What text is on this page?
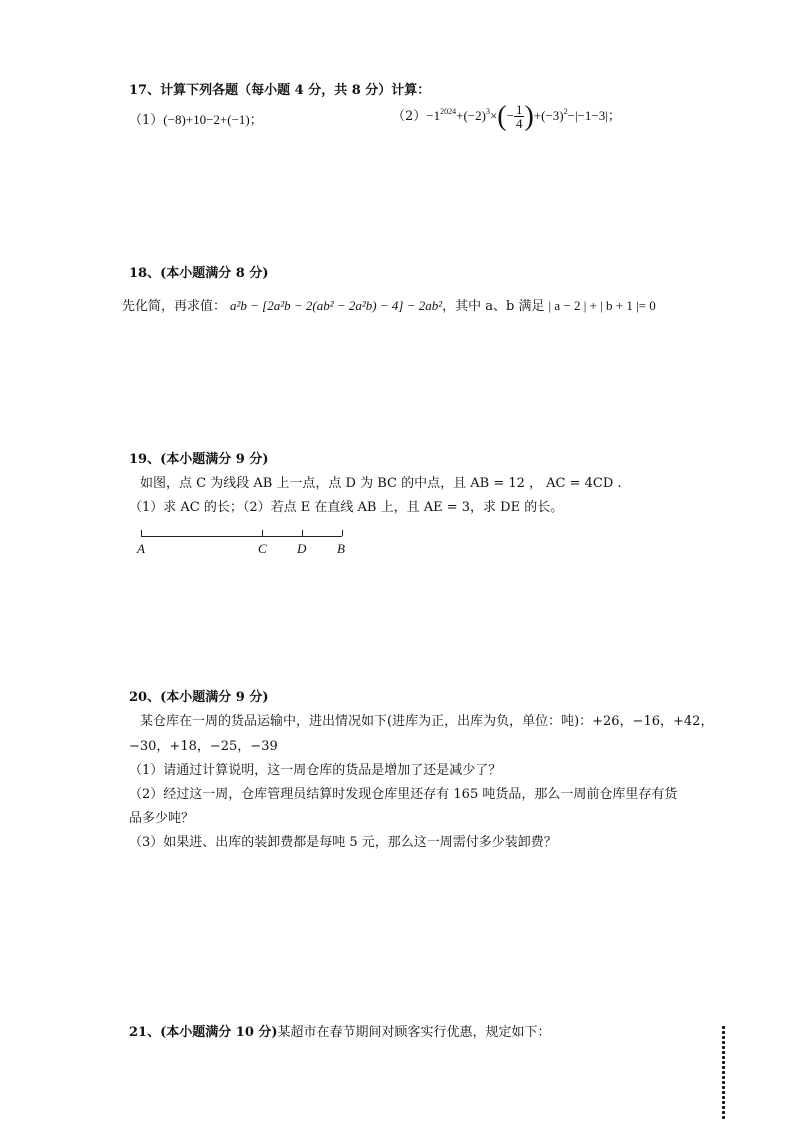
17、计算下列各题（每小题 4 分，共 8 分）计算：
（1）(−8)+10−2+(−1)；	$(2)-1^{2024}+(-2)^3\times(- \frac{1}{4} )+(-3)^2-|-1-3|$；
18、(本小题满分 8 分)
先化简，再求值： a²b − [2a²b − 2(ab² − 2a²b) − 4] − 2ab²，其中 a、b 满足 | a − 2 | + | b + 1 |= 0
19、(本小题满分 9 分)
如图，点 C 为线段 AB 上一点，点 D 为 BC 的中点，且 AB = 12 ， AC = 4CD .
（1）求 AC 的长；（2）若点 E 在直线 AB 上，且 AE = 3，求 DE 的长。
A	C D B
20、(本小题满分 9 分)
某仓库在一周的货品运输中，进出情况如下(进库为正，出库为负，单位：吨)：+26，−16，+42，
−30，+18，−25，−39
（1）请通过计算说明，这一周仓库的货品是增加了还是减少了？
（2）经过这一周，仓库管理员结算时发现仓库里还存有 165 吨货品，那么一周前仓库里存有货
品多少吨？
（3）如果进、出库的装卸费都是每吨 5 元，那么这一周需付多少装卸费？
21、(本小题满分 10 分)某超市在春节期间对顾客实行优惠，规定如下：
